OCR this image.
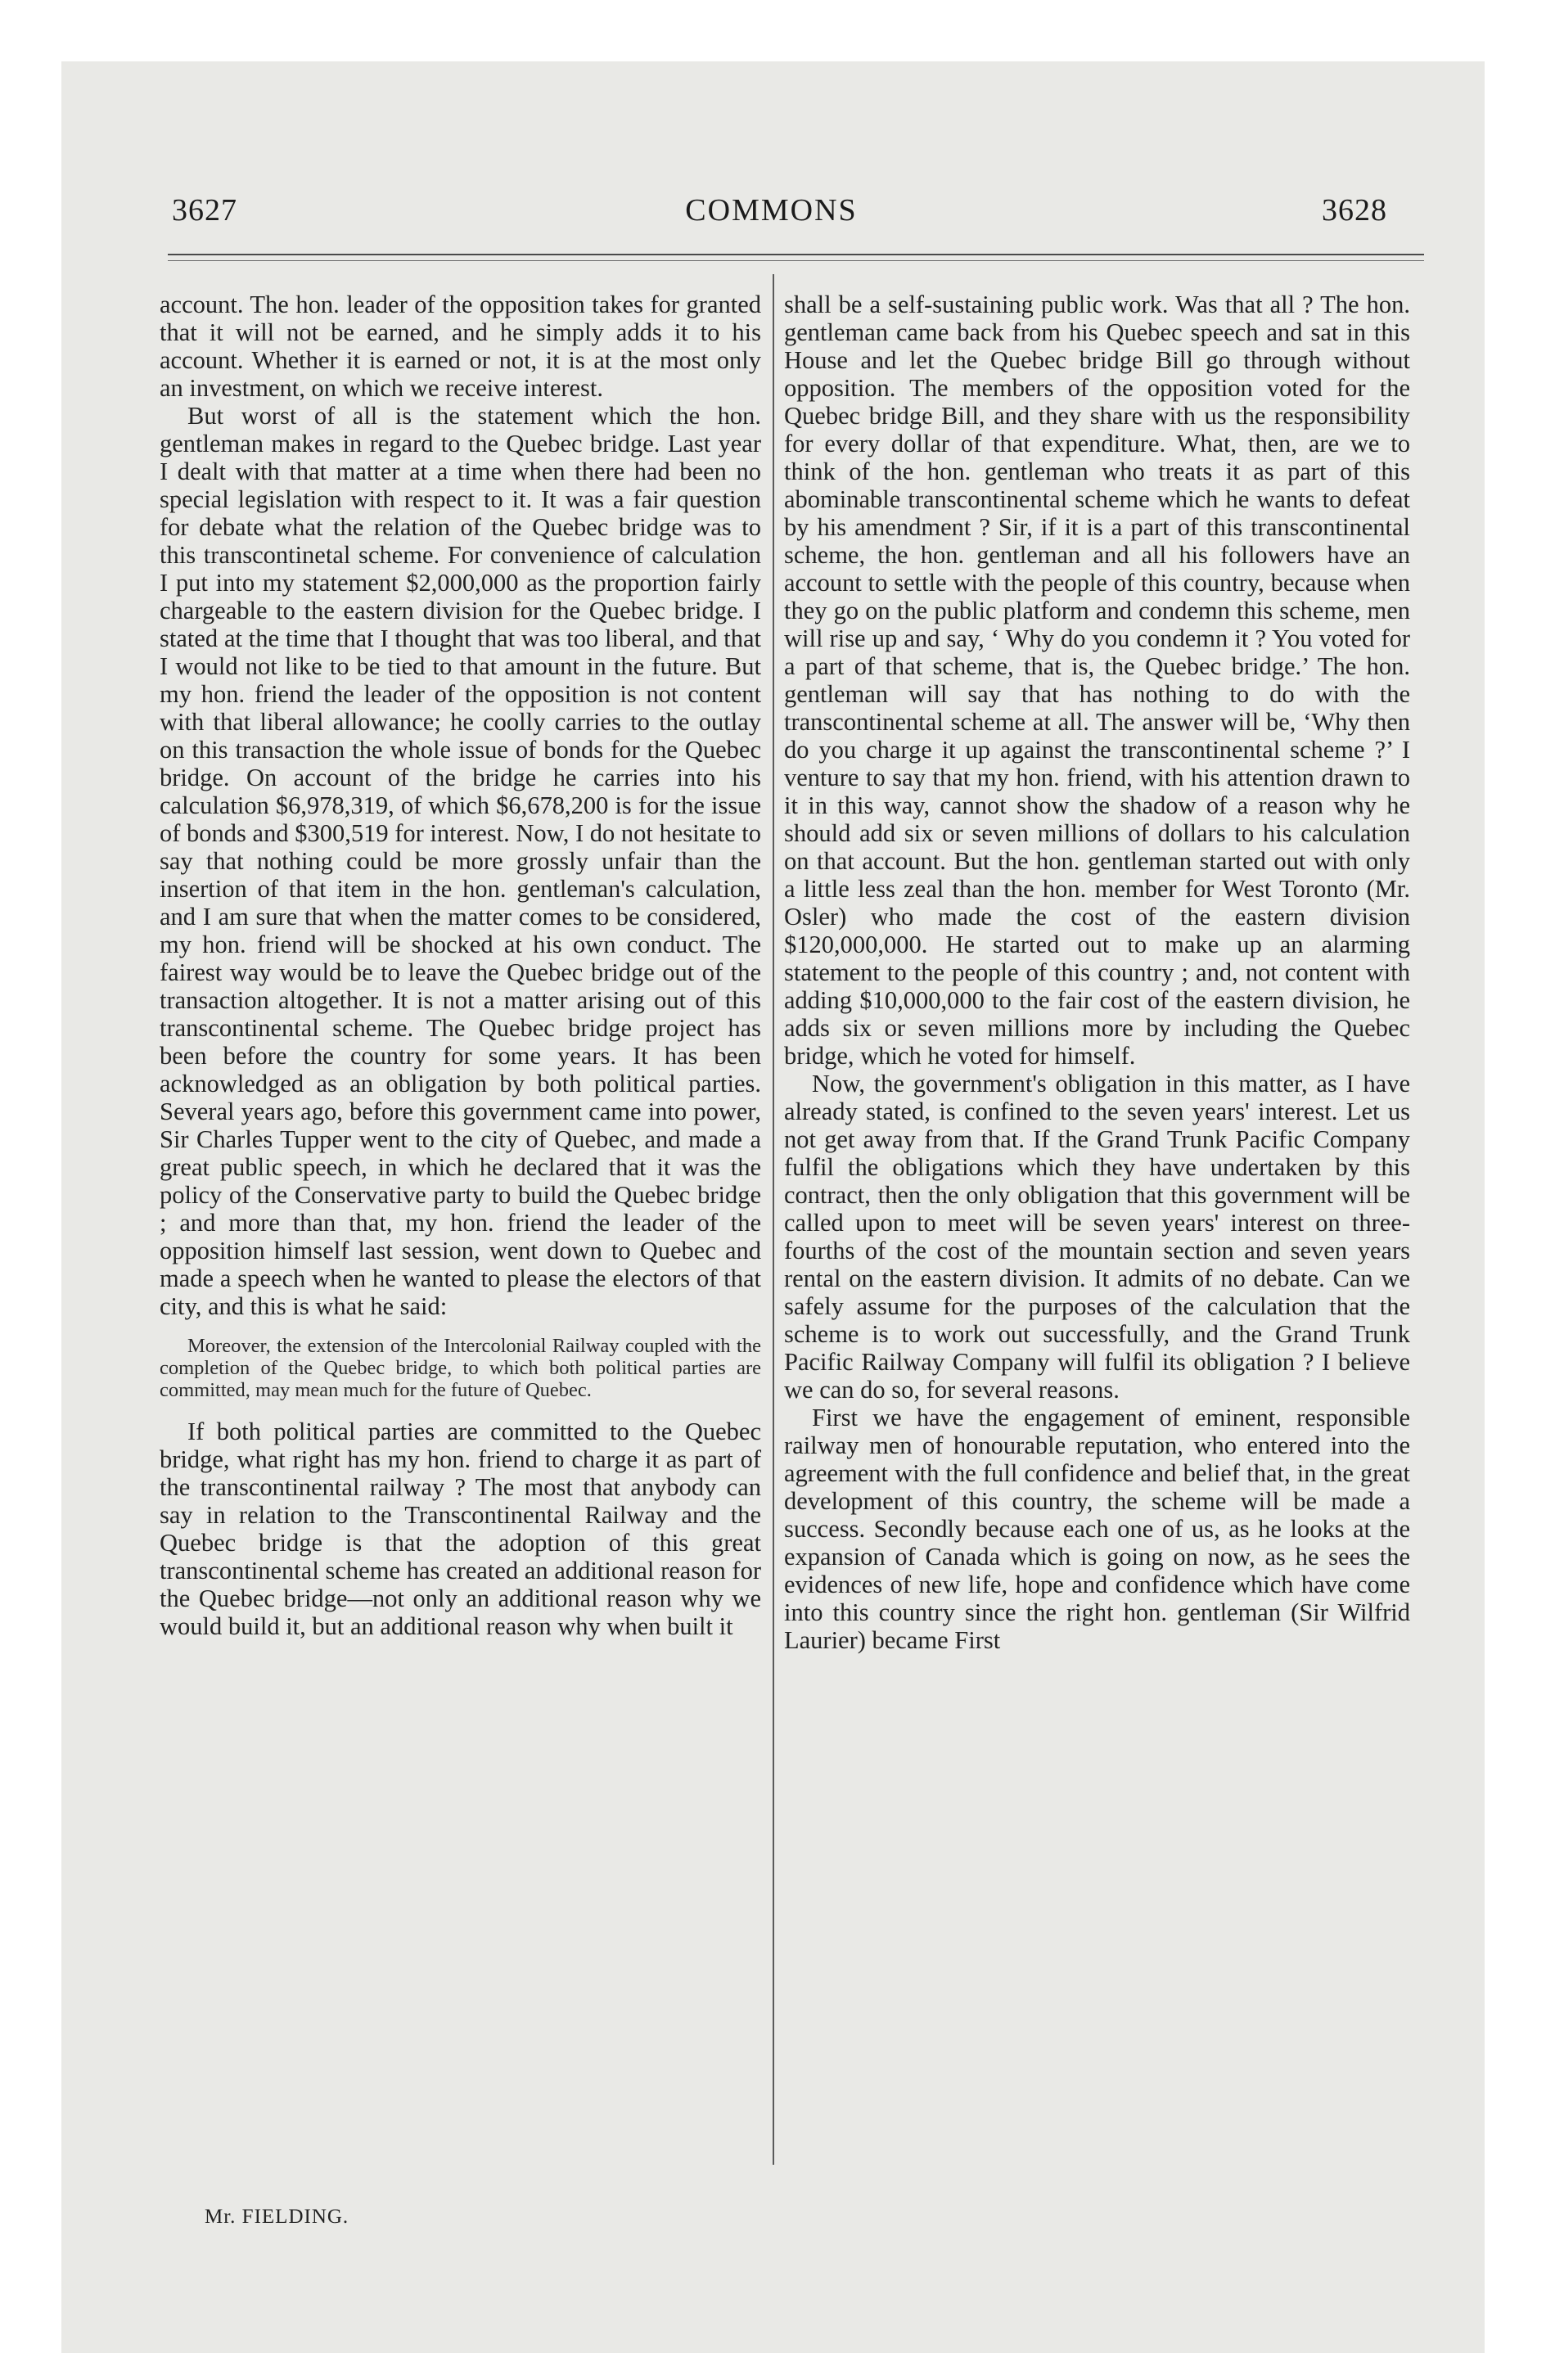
3627	COMMONS	3628

account. The hon. leader of the opposition takes for granted that it will not be earned, and he simply adds it to his account. Whether it is earned or not, it is at the most only an investment, on which we receive interest.

But worst of all is the statement which the hon. gentleman makes in regard to the Quebec bridge. Last year I dealt with that matter at a time when there had been no special legislation with respect to it. It was a fair question for debate what the relation of the Quebec bridge was to this transcontinetal scheme. For convenience of calculation I put into my statement $2,000,000 as the proportion fairly chargeable to the eastern division for the Quebec bridge. I stated at the time that I thought that was too liberal, and that I would not like to be tied to that amount in the future. But my hon. friend the leader of the opposition is not content with that liberal allowance; he coolly carries to the outlay on this transaction the whole issue of bonds for the Quebec bridge. On account of the bridge he carries into his calculation $6,978,319, of which $6,678,200 is for the issue of bonds and $300,519 for interest. Now, I do not hesitate to say that nothing could be more grossly unfair than the insertion of that item in the hon. gentleman's calculation, and I am sure that when the matter comes to be considered, my hon. friend will be shocked at his own conduct. The fairest way would be to leave the Quebec bridge out of the transaction altogether. It is not a matter arising out of this transcontinental scheme. The Quebec bridge project has been before the country for some years. It has been acknowledged as an obligation by both political parties. Several years ago, before this government came into power, Sir Charles Tupper went to the city of Quebec, and made a great public speech, in which he declared that it was the policy of the Conservative party to build the Quebec bridge ; and more than that, my hon. friend the leader of the opposition himself last session, went down to Quebec and made a speech when he wanted to please the electors of that city, and this is what he said:

Moreover, the extension of the Intercolonial Railway coupled with the completion of the Quebec bridge, to which both political parties are committed, may mean much for the future of Quebec.

If both political parties are committed to the Quebec bridge, what right has my hon. friend to charge it as part of the transcontinental railway ? The most that anybody can say in relation to the Transcontinental Railway and the Quebec bridge is that the adoption of this great transcontinental scheme has created an additional reason for the Quebec bridge—not only an additional reason why we would build it, but an additional reason why when built it

shall be a self-sustaining public work. Was that all ? The hon. gentleman came back from his Quebec speech and sat in this House and let the Quebec bridge Bill go through without opposition. The members of the opposition voted for the Quebec bridge Bill, and they share with us the responsibility for every dollar of that expenditure. What, then, are we to think of the hon. gentleman who treats it as part of this abominable transcontinental scheme which he wants to defeat by his amendment ? Sir, if it is a part of this transcontinental scheme, the hon. gentleman and all his followers have an account to settle with the people of this country, because when they go on the public platform and condemn this scheme, men will rise up and say, ‘ Why do you condemn it ? You voted for a part of that scheme, that is, the Quebec bridge.’ The hon. gentleman will say that has nothing to do with the transcontinental scheme at all. The answer will be, ‘Why then do you charge it up against the transcontinental scheme ?’ I venture to say that my hon. friend, with his attention drawn to it in this way, cannot show the shadow of a reason why he should add six or seven millions of dollars to his calculation on that account. But the hon. gentleman started out with only a little less zeal than the hon. member for West Toronto (Mr. Osler) who made the cost of the eastern division $120,000,000. He started out to make up an alarming statement to the people of this country ; and, not content with adding $10,000,000 to the fair cost of the eastern division, he adds six or seven millions more by including the Quebec bridge, which he voted for himself.

Now, the government's obligation in this matter, as I have already stated, is confined to the seven years' interest. Let us not get away from that. If the Grand Trunk Pacific Company fulfil the obligations which they have undertaken by this contract, then the only obligation that this government will be called upon to meet will be seven years' interest on three-fourths of the cost of the mountain section and seven years rental on the eastern division. It admits of no debate. Can we safely assume for the purposes of the calculation that the scheme is to work out successfully, and the Grand Trunk Pacific Railway Company will fulfil its obligation ? I believe we can do so, for several reasons.

First we have the engagement of eminent, responsible railway men of honourable reputation, who entered into the agreement with the full confidence and belief that, in the great development of this country, the scheme will be made a success. Secondly because each one of us, as he looks at the expansion of Canada which is going on now, as he sees the evidences of new life, hope and confidence which have come into this country since the right hon. gentleman (Sir Wilfrid Laurier) became First

Mr. FIELDING.
